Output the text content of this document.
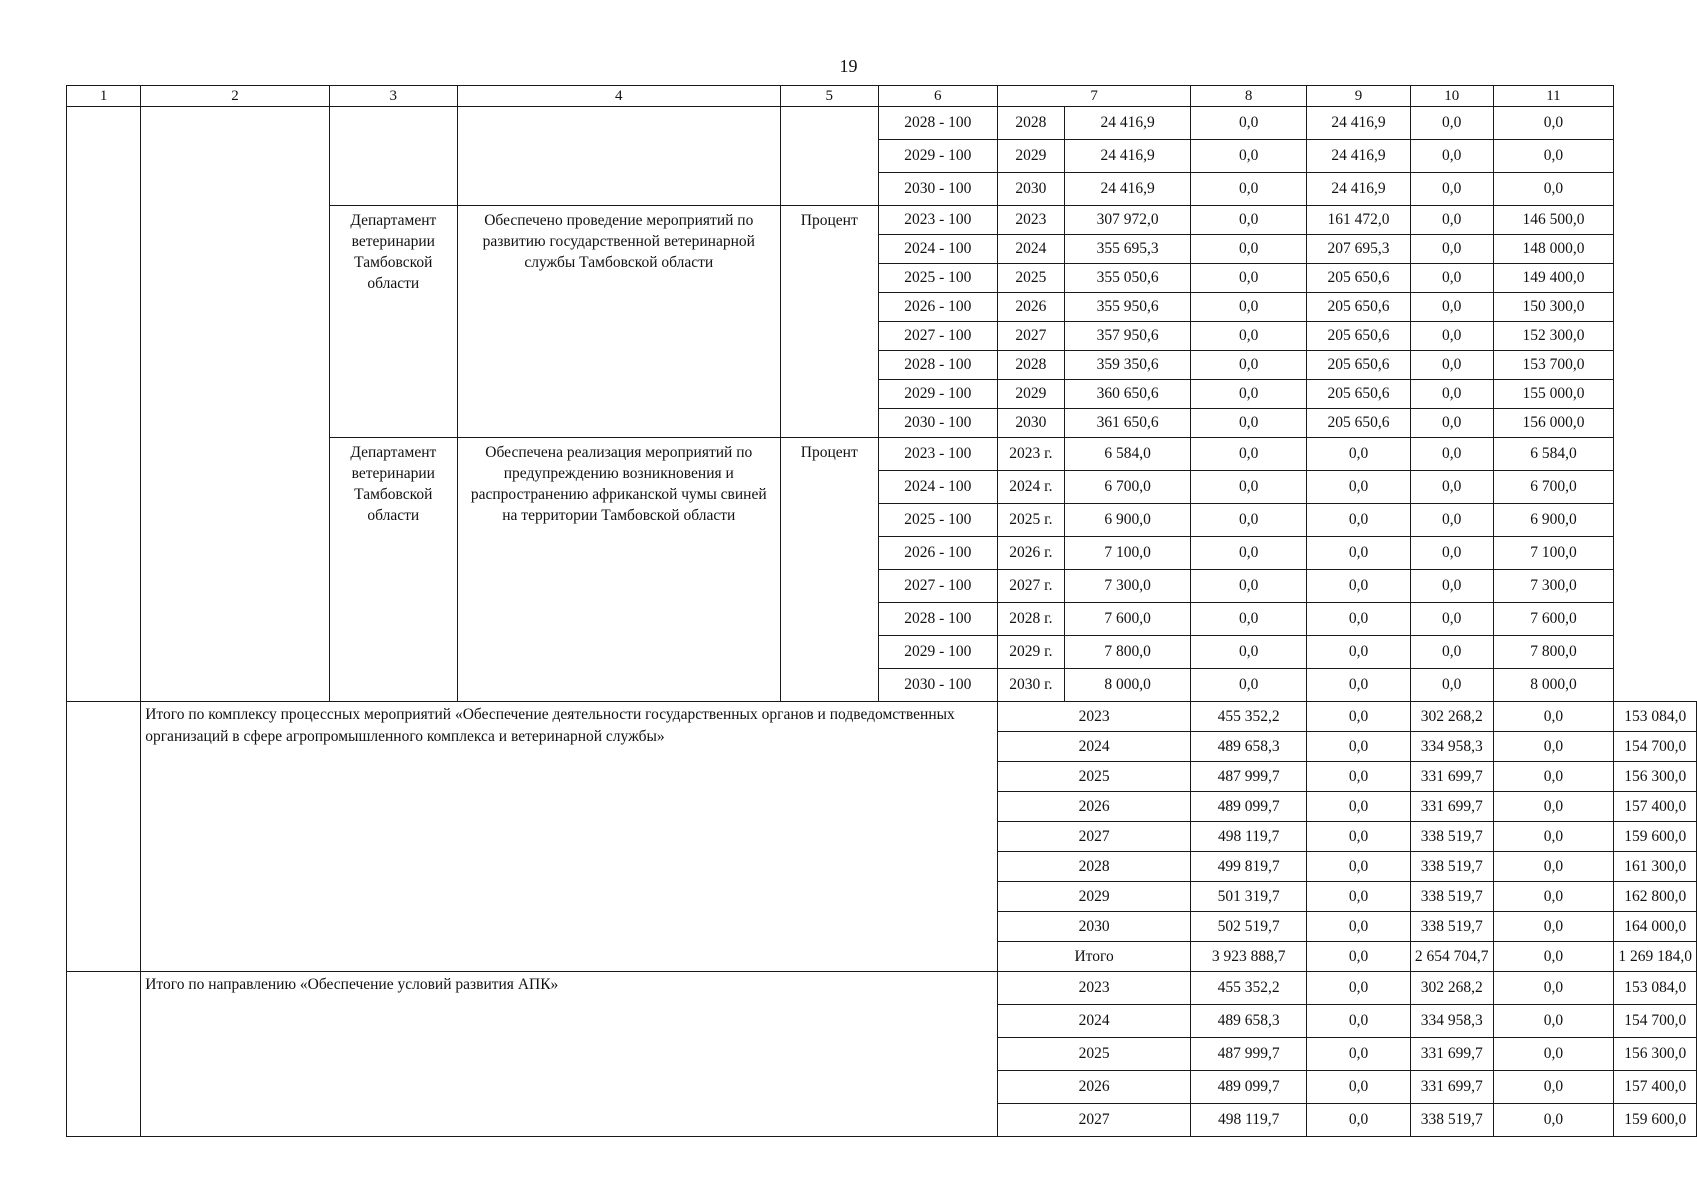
19
1	2	3	4	5	6	7		8	9	10	11	
					2028 - 100	2028	24 416,9	0,0	24 416,9	0,0	0,0	
					2029 - 100	2029	24 416,9	0,0	24 416,9	0,0	0,0	
					2030 - 100	2030	24 416,9	0,0	24 416,9	0,0	0,0	
		Департамент ветеринарии Тамбовской области	Обеспечено проведение мероприятий по развитию государственной ветеринарной службы Тамбовской области	Процент	2023 - 100	2023	307 972,0	0,0	161 472,0	0,0	146 500,0	
					2024 - 100	2024	355 695,3	0,0	207 695,3	0,0	148 000,0	
					2025 - 100	2025	355 050,6	0,0	205 650,6	0,0	149 400,0	
					2026 - 100	2026	355 950,6	0,0	205 650,6	0,0	150 300,0	
					2027 - 100	2027	357 950,6	0,0	205 650,6	0,0	152 300,0	
					2028 - 100	2028	359 350,6	0,0	205 650,6	0,0	153 700,0	
					2029 - 100	2029	360 650,6	0,0	205 650,6	0,0	155 000,0	
					2030 - 100	2030	361 650,6	0,0	205 650,6	0,0	156 000,0	
		Департамент ветеринарии Тамбовской области	Обеспечена реализация мероприятий по предупреждению возникновения и распространению африканской чумы свиней на территории Тамбовской области	Процент	2023 - 100	2023 г.	6 584,0	0,0	0,0	0,0	6 584,0	
					2024 - 100	2024 г.	6 700,0	0,0	0,0	0,0	6 700,0	
					2025 - 100	2025 г.	6 900,0	0,0	0,0	0,0	6 900,0	
					2026 - 100	2026 г.	7 100,0	0,0	0,0	0,0	7 100,0	
					2027 - 100	2027 г.	7 300,0	0,0	0,0	0,0	7 300,0	
					2028 - 100	2028 г.	7 600,0	0,0	0,0	0,0	7 600,0	
					2029 - 100	2029 г.	7 800,0	0,0	0,0	0,0	7 800,0	
					2030 - 100	2030 г.	8 000,0	0,0	0,0	0,0	8 000,0	
	Итого по комплексу процессных мероприятий «Обеспечение деятельности государственных органов и подведомственных организаций в сфере агропромышленного комплекса и ветеринарной службы»					2023		455 352,2	0,0	302 268,2	0,0	153 084,0
						2024		489 658,3	0,0	334 958,3	0,0	154 700,0
						2025		487 999,7	0,0	331 699,7	0,0	156 300,0
						2026		489 099,7	0,0	331 699,7	0,0	157 400,0
						2027		498 119,7	0,0	338 519,7	0,0	159 600,0
						2028		499 819,7	0,0	338 519,7	0,0	161 300,0
						2029		501 319,7	0,0	338 519,7	0,0	162 800,0
						2030		502 519,7	0,0	338 519,7	0,0	164 000,0
						Итого		3 923 888,7	0,0	2 654 704,7	0,0	1 269 184,0
	Итого по направлению «Обеспечение условий развития АПК»					2023		455 352,2	0,0	302 268,2	0,0	153 084,0
						2024		489 658,3	0,0	334 958,3	0,0	154 700,0
						2025		487 999,7	0,0	331 699,7	0,0	156 300,0
						2026		489 099,7	0,0	331 699,7	0,0	157 400,0
						2027		498 119,7	0,0	338 519,7	0,0	159 600,0
